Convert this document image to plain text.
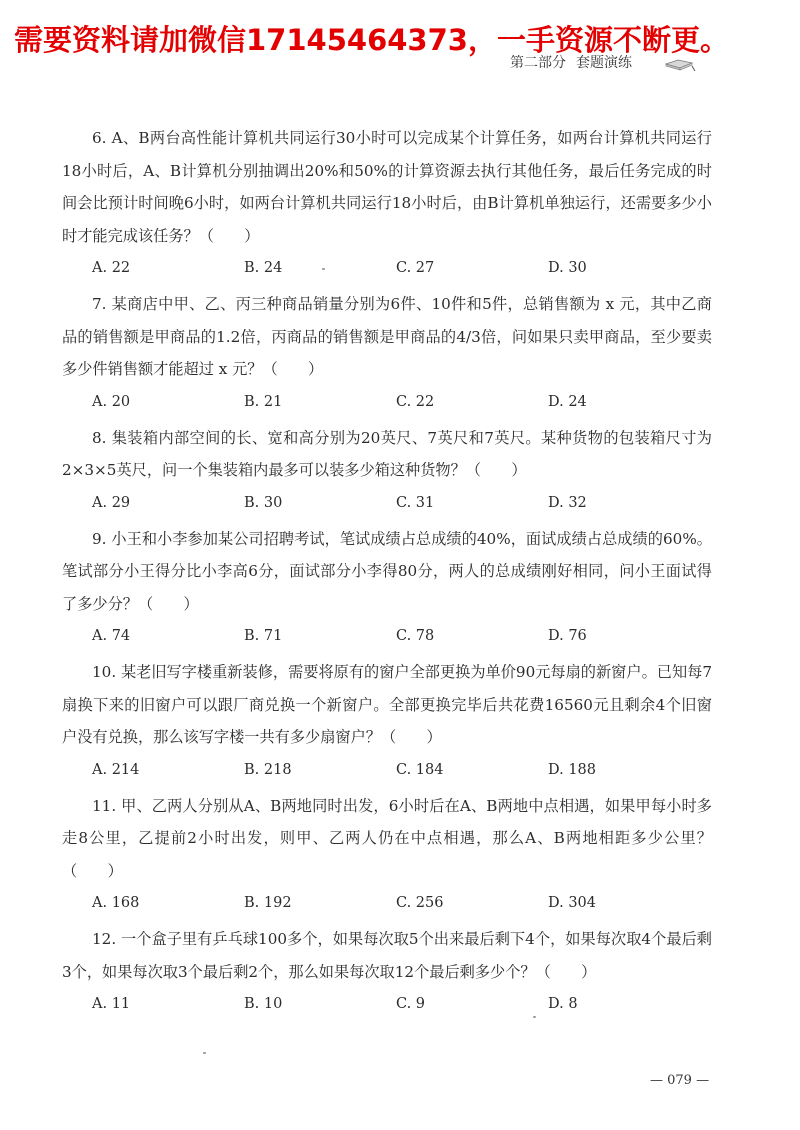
需要资料请加微信17145464373，一手资源不断更。
第二部分 套题演练

6. A、B两台高性能计算机共同运行30小时可以完成某个计算任务，如两台计算机共同运行18小时后，A、B计算机分别抽调出20%和50%的计算资源去执行其他任务，最后任务完成的时间会比预计时间晚6小时，如两台计算机共同运行18小时后，由B计算机单独运行，还需要多少小时才能完成该任务？（　　）

A. 22	B. 24	C. 27	D. 30

7. 某商店中甲、乙、丙三种商品销量分别为6件、10件和5件，总销售额为 x 元，其中乙商品的销售额是甲商品的1.2倍，丙商品的销售额是甲商品的4/3倍，问如果只卖甲商品，至少要卖多少件销售额才能超过 x 元？（　　）

A. 20	B. 21	C. 22	D. 24

8. 集装箱内部空间的长、宽和高分别为20英尺、7英尺和7英尺。某种货物的包装箱尺寸为2×3×5英尺，问一个集装箱内最多可以装多少箱这种货物？（　　）

A. 29	B. 30	C. 31	D. 32

9. 小王和小李参加某公司招聘考试，笔试成绩占总成绩的40%，面试成绩占总成绩的60%。笔试部分小王得分比小李高6分，面试部分小李得80分，两人的总成绩刚好相同，问小王面试得了多少分？（　　）

A. 74	B. 71	C. 78	D. 76

10. 某老旧写字楼重新装修，需要将原有的窗户全部更换为单价90元每扇的新窗户。已知每7扇换下来的旧窗户可以跟厂商兑换一个新窗户。全部更换完毕后共花费16560元且剩余4个旧窗户没有兑换，那么该写字楼一共有多少扇窗户？（　　）

A. 214	B. 218	C. 184	D. 188

11. 甲、乙两人分别从A、B两地同时出发，6小时后在A、B两地中点相遇，如果甲每小时多走8公里，乙提前2小时出发，则甲、乙两人仍在中点相遇，那么A、B两地相距多少公里？（　　）

A. 168	B. 192	C. 256	D. 304

12. 一个盒子里有乒乓球100多个，如果每次取5个出来最后剩下4个，如果每次取4个最后剩3个，如果每次取3个最后剩2个，那么如果每次取12个最后剩多少个？（　　）

A. 11	B. 10	C. 9	D. 8
— 079 —
